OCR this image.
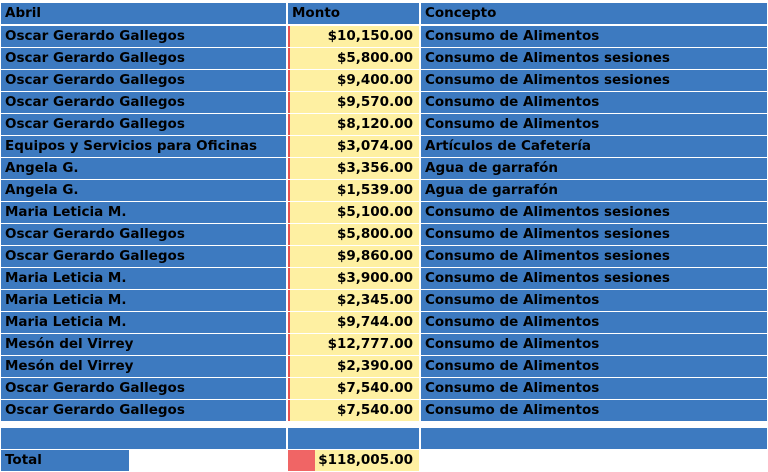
Abril	Monto	Concepto
Oscar Gerardo Gallegos	$10,150.00 Consumo de Alimentos
Oscar Gerardo Gallegos	$5,800.00 Consumo de Alimentos sesiones
Oscar Gerardo Gallegos	$9,400.00 Consumo de Alimentos sesiones
Oscar Gerardo Gallegos	$9,570.00 Consumo de Alimentos
Oscar Gerardo Gallegos	$8,120.00 Consumo de Alimentos
Equipos y Servicios para Oficinas	$3,074.00 Artículos de Cafetería
Angela G.	$3,356.00 Agua de garrafón
Angela G.	$1,539.00 Agua de garrafón
Maria Leticia M.	$5,100.00 Consumo de Alimentos sesiones
Oscar Gerardo Gallegos	$5,800.00 Consumo de Alimentos sesiones
Oscar Gerardo Gallegos	$9,860.00 Consumo de Alimentos sesiones
Maria Leticia M.	$3,900.00 Consumo de Alimentos sesiones
Maria Leticia M.	$2,345.00 Consumo de Alimentos
Maria Leticia M.	$9,744.00 Consumo de Alimentos
Mesón del Virrey	$12,777.00 Consumo de Alimentos
Mesón del Virrey	$2,390.00 Consumo de Alimentos
Oscar Gerardo Gallegos	$7,540.00 Consumo de Alimentos
Oscar Gerardo Gallegos	$7,540.00 Consumo de Alimentos
Total	$118,005.00
